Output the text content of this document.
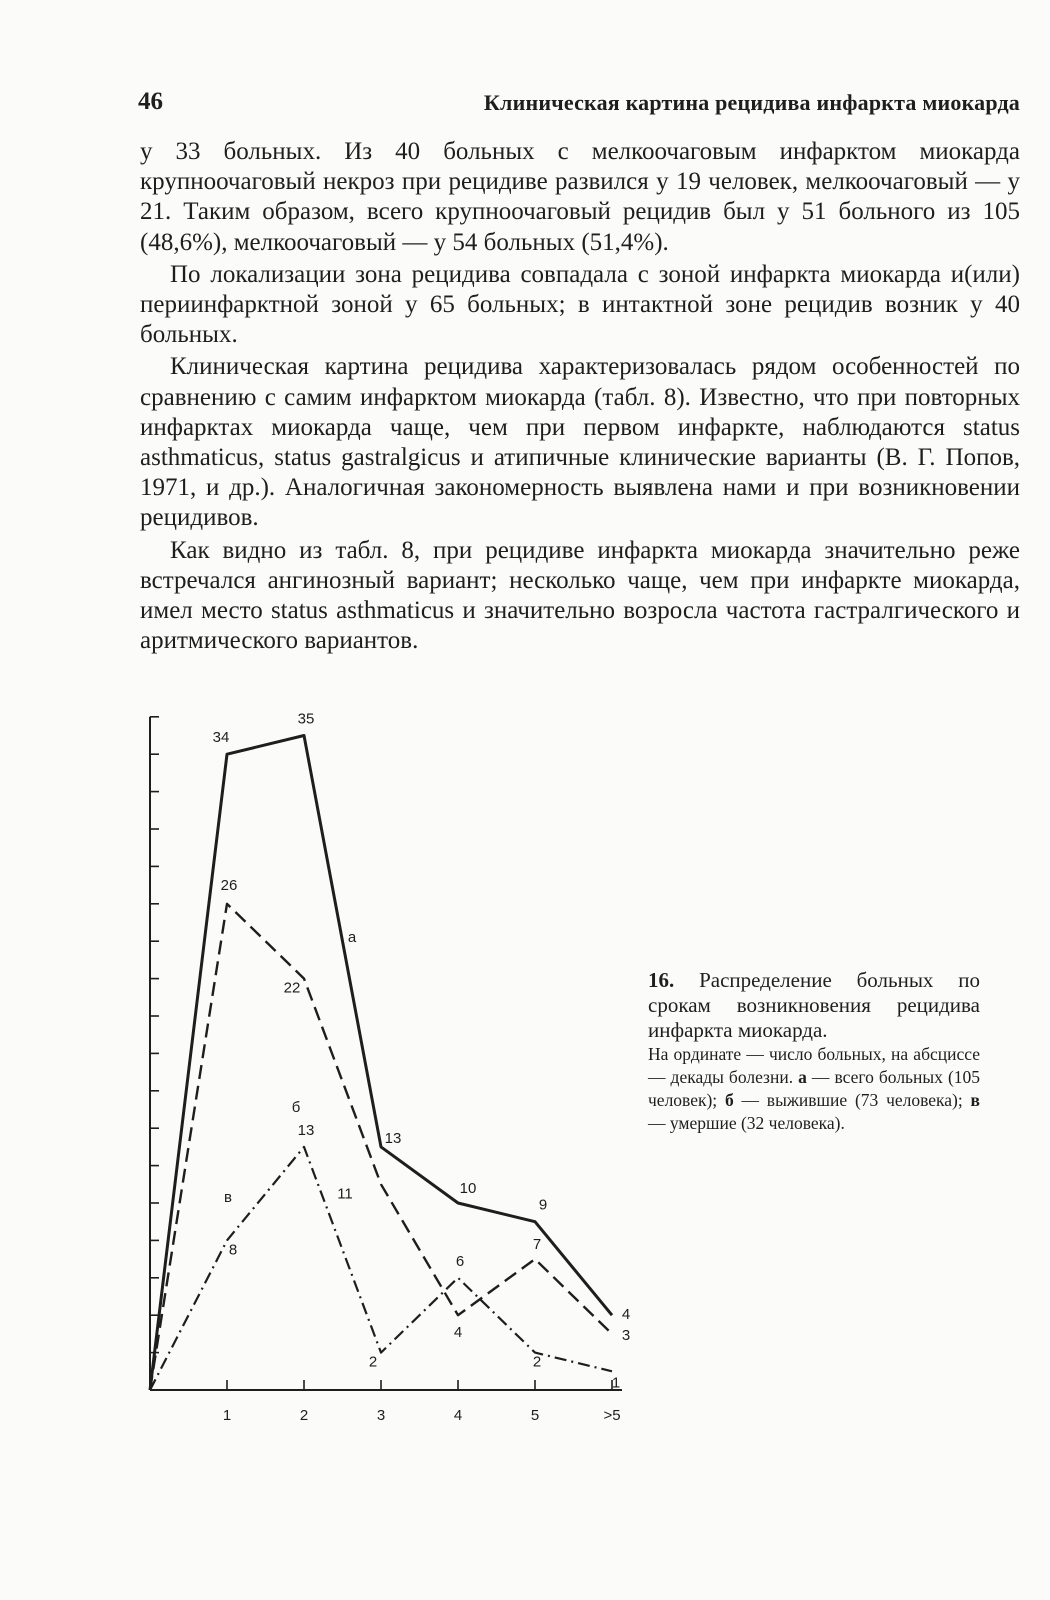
46	Клиническая картина рецидива инфаркта миокарда

у 33 больных. Из 40 больных с мелкоочаговым инфарктом миокарда крупноочаговый некроз при рецидиве развился у 19 человек, мелкоочаговый — у 21. Таким образом, всего крупноочаговый рецидив был у 51 больного из 105 (48,6%), мелкоочаговый — у 54 больных (51,4%).

По локализации зона рецидива совпадала с зоной инфаркта миокарда и(или) периинфарктной зоной у 65 больных; в интактной зоне рецидив возник у 40 больных.

Клиническая картина рецидива характеризовалась рядом особенностей по сравнению с самим инфарктом миокарда (табл. 8). Известно, что при повторных инфарктах миокарда чаще, чем при первом инфаркте, наблюдаются status asthmaticus, status gastralgicus и атипичные клинические варианты (В. Г. Попов, 1971, и др.). Аналогичная закономерность выявлена нами и при возникновении рецидивов.

Как видно из табл. 8, при рецидиве инфаркта миокарда значительно реже встречался ангинозный вариант; несколько чаще, чем при инфаркте миокарда, имел место status asthmaticus и значительно возросла частота гастралгического и аритмического вариантов.

1	2	3	4	5	>5
34
35
13
10
9
4
26
22
11
4
7
3
8
13
2
6
2
1
а
б
в
16. Распределение больных по срокам возникновения рецидива инфаркта миокарда.
На ординате — число больных, на абсциссе — декады болезни. а — всего больных (105 человек); б — выжившие (73 человека); в — умершие (32 человека).
